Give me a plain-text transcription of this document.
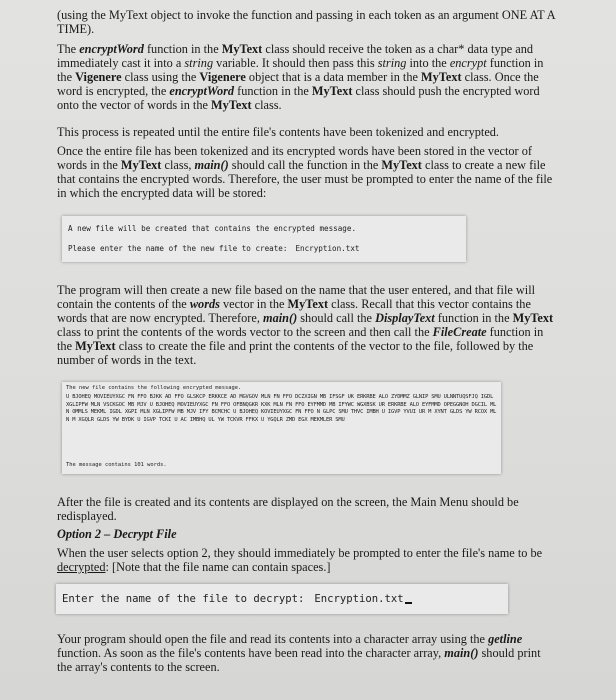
(using the MyText object to invoke the function and passing in each token as an argument ONE AT A TIME).

The encryptWord function in the MyText class should receive the token as a char* data type and immediately cast it into a string variable. It should then pass this string into the encrypt function in the Vigenere class using the Vigenere object that is a data member in the MyText class. Once the word is encrypted, the encryptWord function in the MyText class should push the encrypted word onto the vector of words in the MyText class.

This process is repeated until the entire file's contents have been tokenized and encrypted.

Once the entire file has been tokenized and its encrypted words have been stored in the vector of words in the MyText class, main() should call the function in the MyText class to create a new file that contains the encrypted words. Therefore, the user must be prompted to enter the name of the file in which the encrypted data will be stored:

A new file will be created that contains the encrypted message.
Please enter the name of the new file to create: Encryption.txt

The program will then create a new file based on the name that the user entered, and that file will contain the contents of the words vector in the MyText class. Recall that this vector contains the words that are now encrypted. Therefore, main() should call the DisplayText function in the MyText class to print the contents of the words vector to the screen and then call the FileCreate function in the MyText class to create the file and print the contents of the vector to the file, followed by the number of words in the text.

The new file contains the following encrypted message.
U BJOHEQ MOVIEUYXGC FN FFO BJKK AD FFO GLSKCP ERKKCE AD MGVGOV MLN FN FFO DCZXIGN MB IFSGF UK ERKRBE ALO ZYDMMZ GLNIP SMU ULNNTUQSFJQ IGDL XGLIPFW MLN VSCKGOC MB MJV U BJOHEQ MOVIEUYXGC FN FFO OFBNQGKR KXK MLN FN FFO EYFMMD MB IFYWC WGXBSK UR ERKRBE ALO EYFMMD OPEGGNOH DGCIL MLN OMMLS MEKML IGDL XGPI MLN XGLIPFW MB MJV IFY BCMCHC U BJOHEQ KOVIEUYXGC FN FFO N GLPC SMU THVC IMBH U IGVP YVUI UR M XYNT GLDS YW RCOX MLN M XGQLR GLDS YW BYDK U IGVP TCKI U AC IMBHQ UL YW TCKVR FFKX U YGQLR ZMD EGX MEKMLER SMU
The message contains 101 words.

After the file is created and its contents are displayed on the screen, the Main Menu should be redisplayed.

Option 2 – Decrypt File

When the user selects option 2, they should immediately be prompted to enter the file's name to be decrypted: [Note that the file name can contain spaces.]

Enter the name of the file to decrypt: Encryption.txt

Your program should open the file and read its contents into a character array using the getline function. As soon as the file's contents have been read into the character array, main() should print the array's contents to the screen.
